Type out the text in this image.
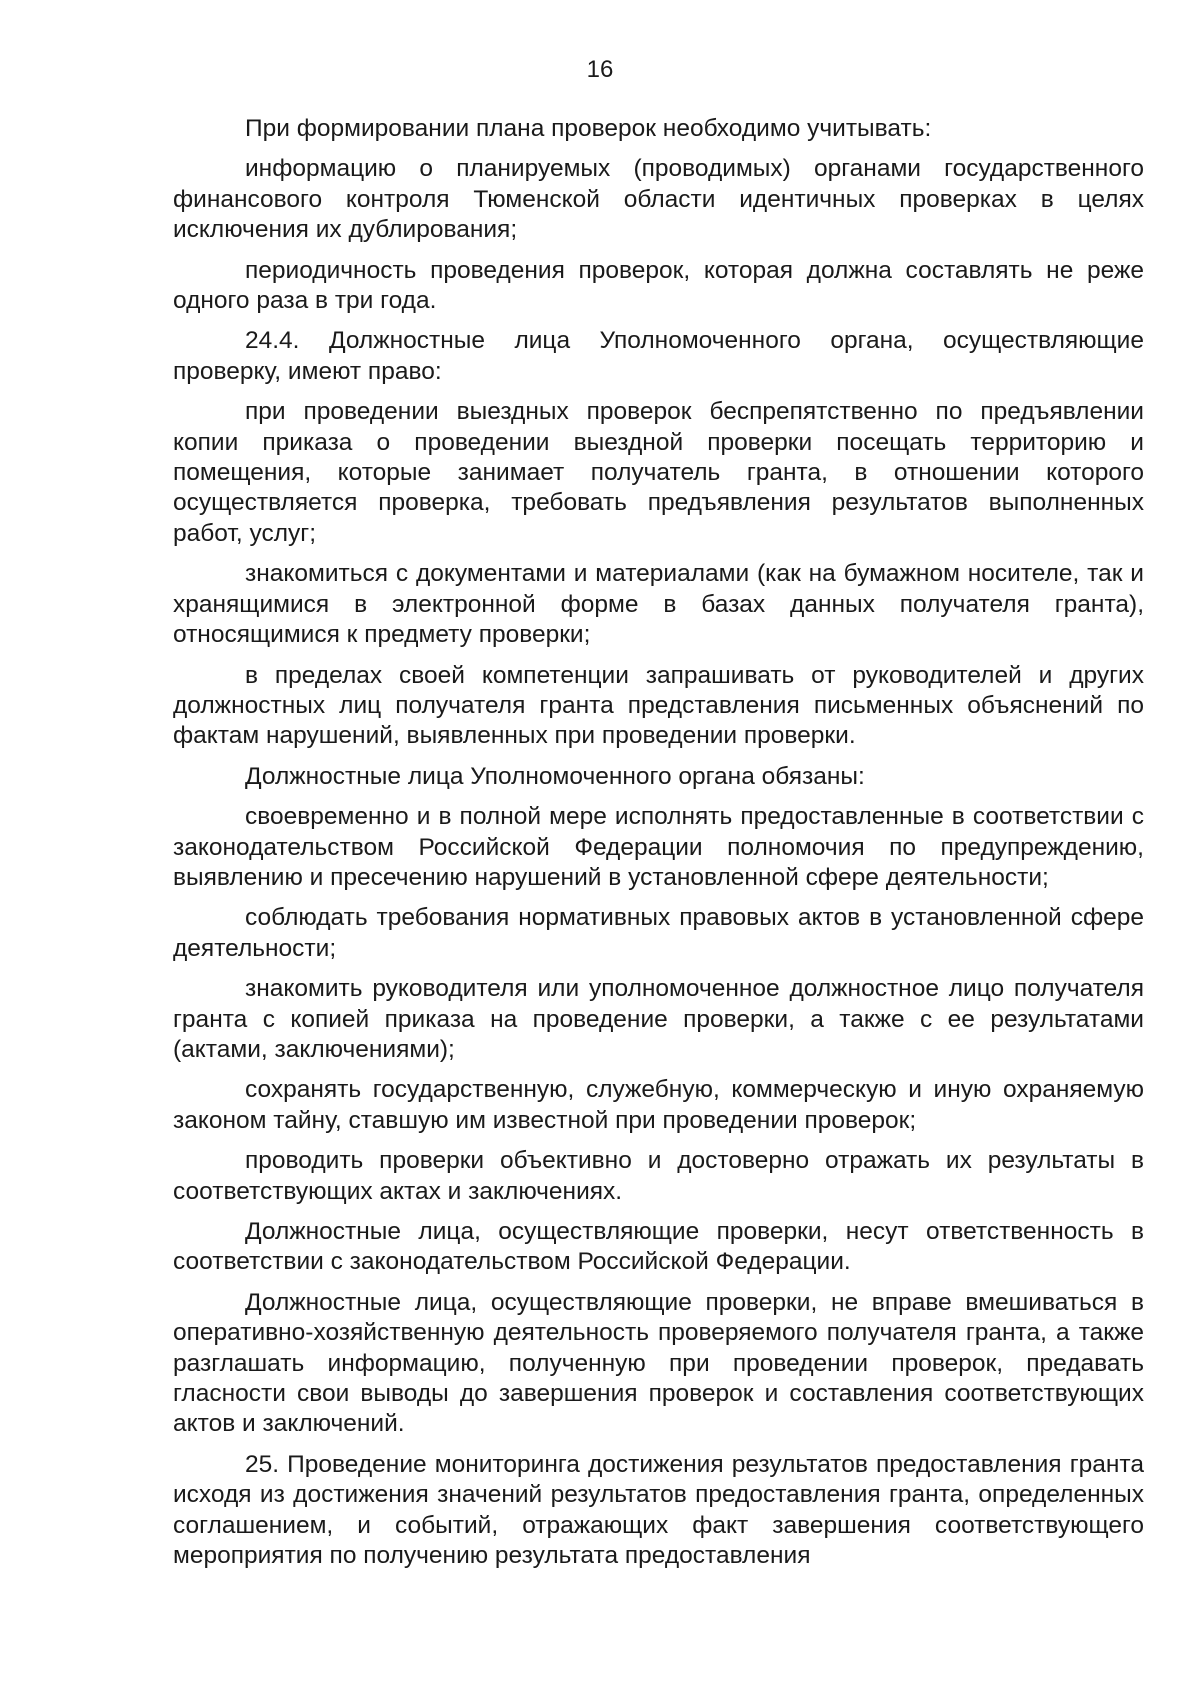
16

При формировании плана проверок необходимо учитывать:

информацию о планируемых (проводимых) органами государственного финансового контроля Тюменской области идентичных проверках в целях исключения их дублирования;

периодичность проведения проверок, которая должна составлять не реже одного раза в три года.

24.4. Должностные лица Уполномоченного органа, осуществляющие проверку, имеют право:

при проведении выездных проверок беспрепятственно по предъявлении копии приказа о проведении выездной проверки посещать территорию и помещения, которые занимает получатель гранта, в отношении которого осуществляется проверка, требовать предъявления результатов выполненных работ, услуг;

знакомиться с документами и материалами (как на бумажном носителе, так и хранящимися в электронной форме в базах данных получателя гранта), относящимися к предмету проверки;

в пределах своей компетенции запрашивать от руководителей и других должностных лиц получателя гранта представления письменных объяснений по фактам нарушений, выявленных при проведении проверки.

Должностные лица Уполномоченного органа обязаны:

своевременно и в полной мере исполнять предоставленные в соответствии с законодательством Российской Федерации полномочия по предупреждению, выявлению и пресечению нарушений в установленной сфере деятельности;

соблюдать требования нормативных правовых актов в установленной сфере деятельности;

знакомить руководителя или уполномоченное должностное лицо получателя гранта с копией приказа на проведение проверки, а также с ее результатами (актами, заключениями);

сохранять государственную, служебную, коммерческую и иную охраняемую законом тайну, ставшую им известной при проведении проверок;

проводить проверки объективно и достоверно отражать их результаты в соответствующих актах и заключениях.

Должностные лица, осуществляющие проверки, несут ответственность в соответствии с законодательством Российской Федерации.

Должностные лица, осуществляющие проверки, не вправе вмешиваться в оперативно-хозяйственную деятельность проверяемого получателя гранта, а также разглашать информацию, полученную при проведении проверок, предавать гласности свои выводы до завершения проверок и составления соответствующих актов и заключений.

25. Проведение мониторинга достижения результатов предоставления гранта исходя из достижения значений результатов предоставления гранта, определенных соглашением, и событий, отражающих факт завершения соответствующего мероприятия по получению результата предоставления
